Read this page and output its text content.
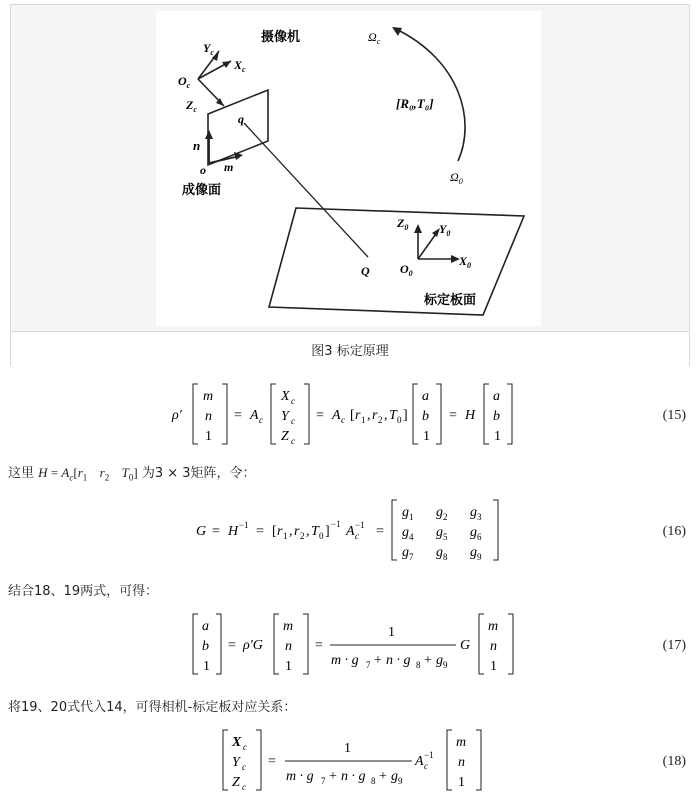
摄像机
$Y_c$
$X_c$
$O_c$
$Z_c$
q
n
o m
成像面
Q
$\Omega_c$
[R₀,T₀]
$\Omega_0$
$Z_0$	$Y_0$
$X_0$
$O_0$
标定板面
图3
标定原理
ρ′
m
n
1
= A c
X c
Y c
Z c
= A c [ r 1 , r 2 , T 0 ]
a
b
1
= H
a
b
1
(15)
这里 $H = A_c[r_1$ $r_2$ $T_0$] 为3 × 3矩阵，令：
G = H −1 = [ r 1 , r 2 , T 0 ] −1 A c
−1 =
g 1 g 2 g 3
g 4 g 5 g 6
g 7 g 8 g 9
(16)
结合18、19两式，可得：
a
b
1
= ρ′G
m
n
1
=
1
m · g 7 + n · g 8 + g 9
G
m
n
1
(17)
将19、20式代入14，可得相机-标定板对应关系：
X c
Y c
Z c
=
1
m · g 7 + n · g 8 + g 9
A c
−1
m
n
1
(18)
